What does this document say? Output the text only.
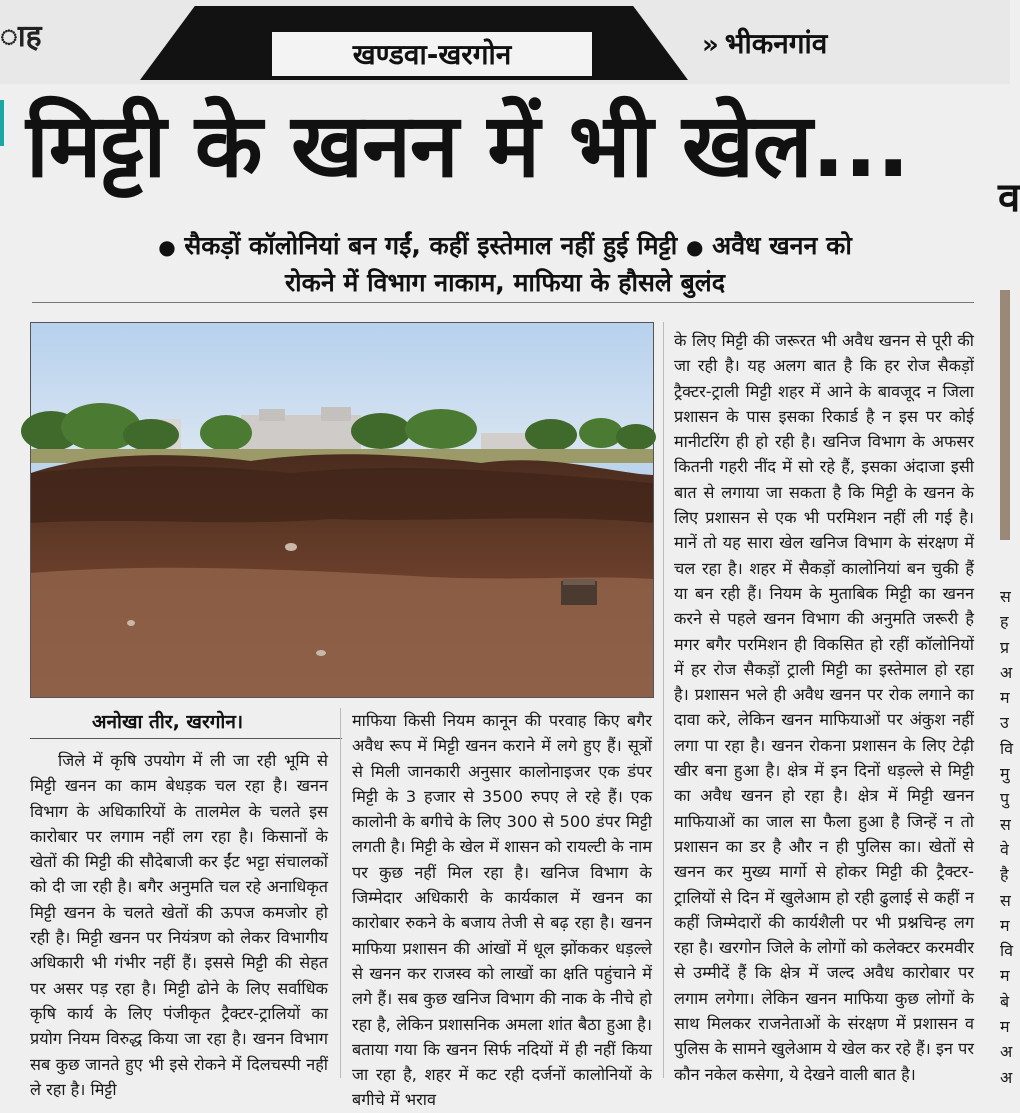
ाह
खण्डवा-खरगोन	» भीकनगांव
मिट्टी के खनन में भी खेल...
व
● सैकड़ों कॉलोनियां बन गईं, कहीं इस्तेमाल नहीं हुई मिट्टी ● अवैध खनन को
रोकने में विभाग नाकाम, माफिया के हौसले बुलंद
अनोखा तीर, खरगोन।
जिले में कृषि उपयोग में ली जा रही भूमि से मिट्टी खनन का काम बेधड़क चल रहा है। खनन विभाग के अधिकारियों के तालमेल के चलते इस कारोबार पर लगाम नहीं लग रहा है। किसानों के खेतों की मिट्टी की सौदेबाजी कर ईंट भट्टा संचालकों को दी जा रही है। बगैर अनुमति चल रहे अनाधिकृत मिट्टी खनन के चलते खेतों की ऊपज कमजोर हो रही है। मिट्टी खनन पर नियंत्रण को लेकर विभागीय अधिकारी भी गंभीर नहीं हैं। इससे मिट्टी की सेहत पर असर पड़ रहा है। मिट्टी ढोने के लिए सर्वाधिक कृषि कार्य के लिए पंजीकृत ट्रैक्टर-ट्रालियों का प्रयोग नियम विरुद्ध किया जा रहा है। खनन विभाग सब कुछ जानते हुए भी इसे रोकने में दिलचस्पी नहीं ले रहा है। मिट्टी
माफिया किसी नियम कानून की परवाह किए बगैर अवैध रूप में मिट्टी खनन कराने में लगे हुए हैं। सूत्रों से मिली जानकारी अनुसार कालोनाइजर एक डंपर मिट्टी के 3 हजार से 3500 रुपए ले रहे हैं। एक कालोनी के बगीचे के लिए 300 से 500 डंपर मिट्टी लगती है। मिट्टी के खेल में शासन को रायल्टी के नाम पर कुछ नहीं मिल रहा है। खनिज विभाग के जिम्मेदार अधिकारी के कार्यकाल में खनन का कारोबार रुकने के बजाय तेजी से बढ़ रहा है। खनन माफिया प्रशासन की आंखों में धूल झोंककर धड़ल्ले से खनन कर राजस्व को लाखों का क्षति पहुंचाने में लगे हैं। सब कुछ खनिज विभाग की नाक के नीचे हो रहा है, लेकिन प्रशासनिक अमला शांत बैठा हुआ है। बताया गया कि खनन सिर्फ नदियों में ही नहीं किया जा रहा है, शहर में कट रही दर्जनों कालोनियों के बगीचे में भराव
के लिए मिट्टी की जरूरत भी अवैध खनन से पूरी की जा रही है। यह अलग बात है कि हर रोज सैकड़ों ट्रैक्टर-ट्राली मिट्टी शहर में आने के बावजूद न जिला प्रशासन के पास इसका रिकार्ड है न इस पर कोई मानीटरिंग ही हो रही है। खनिज विभाग के अफसर कितनी गहरी नींद में सो रहे हैं, इसका अंदाजा इसी बात से लगाया जा सकता है कि मिट्टी के खनन के लिए प्रशासन से एक भी परमिशन नहीं ली गई है। मानें तो यह सारा खेल खनिज विभाग के संरक्षण में चल रहा है। शहर में सैकड़ों कालोनियां बन चुकी हैं या बन रही हैं। नियम के मुताबिक मिट्टी का खनन करने से पहले खनन विभाग की अनुमति जरूरी है मगर बगैर परमिशन ही विकसित हो रहीं कॉलोनियों में हर रोज सैकड़ों ट्राली मिट्टी का इस्तेमाल हो रहा है। प्रशासन भले ही अवैध खनन पर रोक लगाने का दावा करे, लेकिन खनन माफियाओं पर अंकुश नहीं लगा पा रहा है। खनन रोकना प्रशासन के लिए टेढ़ी खीर बना हुआ है। क्षेत्र में इन दिनों धड़ल्ले से मिट्टी का अवैध खनन हो रहा है। क्षेत्र में मिट्टी खनन माफियाओं का जाल सा फैला हुआ है जिन्हें न तो प्रशासन का डर है और न ही पुलिस का। खेतों से खनन कर मुख्य मार्गो से होकर मिट्टी की ट्रैक्टर-ट्रालियों से दिन में खुलेआम हो रही ढुलाई से कहीं न कहीं जिम्मेदारों की कार्यशैली पर भी प्रश्नचिन्ह लग रहा है। खरगोन जिले के लोगों को कलेक्टर करमवीर से उम्मीदें हैं कि क्षेत्र में जल्द अवैध कारोबार पर लगाम लगेगा। लेकिन खनन माफिया कुछ लोगों के साथ मिलकर राजनेताओं के संरक्षण में प्रशासन व पुलिस के सामने खुलेआम ये खेल कर रहे हैं। इन पर कौन नकेल कसेगा, ये देखने वाली बात है।
स
ह
प्र
अ
म
उ
वि
मु
पु
स
वे
है
स
म
वि
म
बे
म
अ
अ
